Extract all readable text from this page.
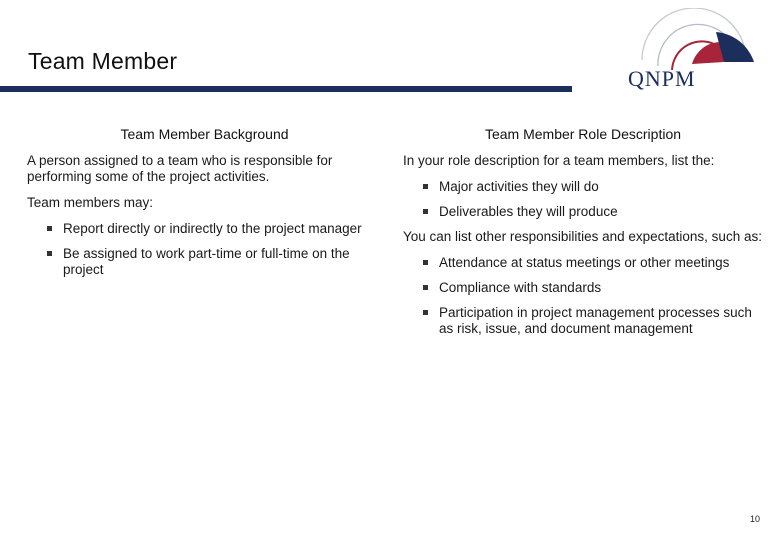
Team Member
QNPM
Team Member Background

A person assigned to a team who is responsible for performing some of the project activities.

Team members may:

Report directly or indirectly to the project manager
Be assigned to work part-time or full-time on the project
Team Member Role Description

In your role description for a team members, list the:

Major activities they will do
Deliverables they will produce

You can list other responsibilities and expectations, such as:

Attendance at status meetings or other meetings
Compliance with standards
Participation in project management processes such as risk, issue, and document management
10
